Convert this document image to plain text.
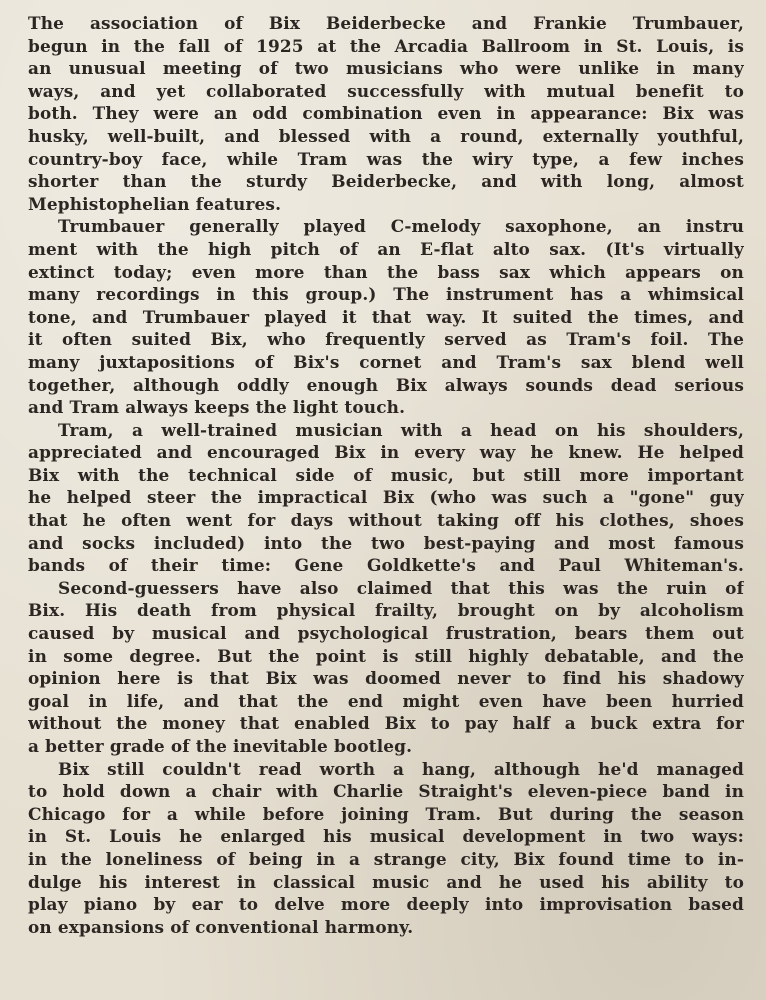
The association of Bix Beiderbecke and Frankie Trumbauer,
begun in the fall of 1925 at the Arcadia Ballroom in St. Louis, is
an unusual meeting of two musicians who were unlike in many
ways, and yet collaborated successfully with mutual benefit to
both. They were an odd combination even in appearance: Bix was
husky, well-built, and blessed with a round, externally youthful,
country-boy face, while Tram was the wiry type, a few inches
shorter than the sturdy Beiderbecke, and with long, almost
Mephistophelian features.
Trumbauer generally played C-melody saxophone, an instru
ment with the high pitch of an E-flat alto sax. (It's virtually
extinct today; even more than the bass sax which appears on
many recordings in this group.) The instrument has a whimsical
tone, and Trumbauer played it that way. It suited the times, and
it often suited Bix, who frequently served as Tram's foil. The
many juxtapositions of Bix's cornet and Tram's sax blend well
together, although oddly enough Bix always sounds dead serious
and Tram always keeps the light touch.
Tram, a well-trained musician with a head on his shoulders,
appreciated and encouraged Bix in every way he knew. He helped
Bix with the technical side of music, but still more important
he helped steer the impractical Bix (who was such a "gone" guy
that he often went for days without taking off his clothes, shoes
and socks included) into the two best-paying and most famous
bands of their time: Gene Goldkette's and Paul Whiteman's.
Second-guessers have also claimed that this was the ruin of
Bix. His death from physical frailty, brought on by alcoholism
caused by musical and psychological frustration, bears them out
in some degree. But the point is still highly debatable, and the
opinion here is that Bix was doomed never to find his shadowy
goal in life, and that the end might even have been hurried
without the money that enabled Bix to pay half a buck extra for
a better grade of the inevitable bootleg.
Bix still couldn't read worth a hang, although he'd managed
to hold down a chair with Charlie Straight's eleven-piece band in
Chicago for a while before joining Tram. But during the season
in St. Louis he enlarged his musical development in two ways:
in the loneliness of being in a strange city, Bix found time to in-
dulge his interest in classical music and he used his ability to
play piano by ear to delve more deeply into improvisation based
on expansions of conventional harmony.
